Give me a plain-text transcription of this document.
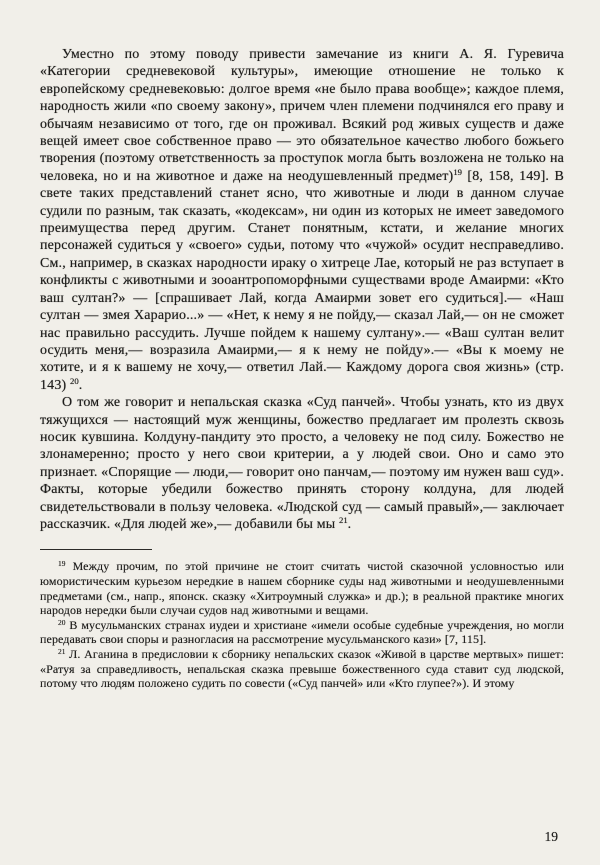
Уместно по этому поводу привести замечание из книги А. Я. Гуревича «Категории средневековой культуры», имеющие отношение не только к европейскому средневековью: долгое время «не было права вообще»; каждое племя, народность жили «по своему закону», причем член племени подчинялся его праву и обычаям независимо от того, где он проживал. Всякий род живых существ и даже вещей имеет свое собственное право — это обязательное качество любого божьего творения (поэтому ответственность за проступок могла быть возложена не только на человека, но и на животное и даже на неодушевленный предмет)$^{19}$ [8, 158, 149]. В свете таких представлений станет ясно, что животные и люди в данном случае судили по разным, так сказать, «кодексам», ни один из которых не имеет заведомого преимущества перед другим. Станет понятным, кстати, и желание многих персонажей судиться у «своего» судьи, потому что «чужой» осудит несправедливо. См., например, в сказках народности ираку о хитреце Лае, который не раз вступает в конфликты с животными и зооантропоморфными существами вроде Амаирми: «Кто ваш султан?» — [спрашивает Лай, когда Амаирми зовет его судиться].— «Наш султан — змея Харарио...» — «Нет, к нему я не пойду,— сказал Лай,— он не сможет нас правильно рассудить. Лучше пойдем к нашему султану».— «Ваш султан велит осудить меня,— возразила Амаирми,— я к нему не пойду».— «Вы к моему не хотите, и я к вашему не хочу,— ответил Лай.— Каждому дорога своя жизнь» (стр. 143) $^{20}$.

О том же говорит и непальская сказка «Суд панчей». Чтобы узнать, кто из двух тяжущихся — настоящий муж женщины, божество предлагает им пролезть сквозь носик кувшина. Колдуну-пандиту это просто, а человеку не под силу. Божество не злонамеренно; просто у него свои критерии, а у людей свои. Оно и само это признает. «Спорящие — люди,— говорит оно панчам,— поэтому им нужен ваш суд». Факты, которые убедили божество принять сторону колдуна, для людей свидетельствовали в пользу человека. «Людской суд — самый правый»,— заключает рассказчик. «Для людей же»,— добавили бы мы $^{21}$.

$^{19}$ Между прочим, по этой причине не стоит считать чистой сказочной условностью или юмористическим курьезом нередкие в нашем сборнике суды над животными и неодушевленными предметами (см., напр., японск. сказку «Хитроумный служка» и др.); в реальной практике многих народов нередки были случаи судов над животными и вещами.

$^{20}$ В мусульманских странах иудеи и христиане «имели особые судебные учреждения, но могли передавать свои споры и разногласия на рассмотрение мусульманского кази» [7, 115].

$^{21}$ Л. Аганина в предисловии к сборнику непальских сказок «Живой в царстве мертвых» пишет: «Ратуя за справедливость, непальская сказка превыше божественного суда ставит суд людской, потому что людям положено судить по совести («Суд панчей» или «Кто глупее?»). И этому

19
